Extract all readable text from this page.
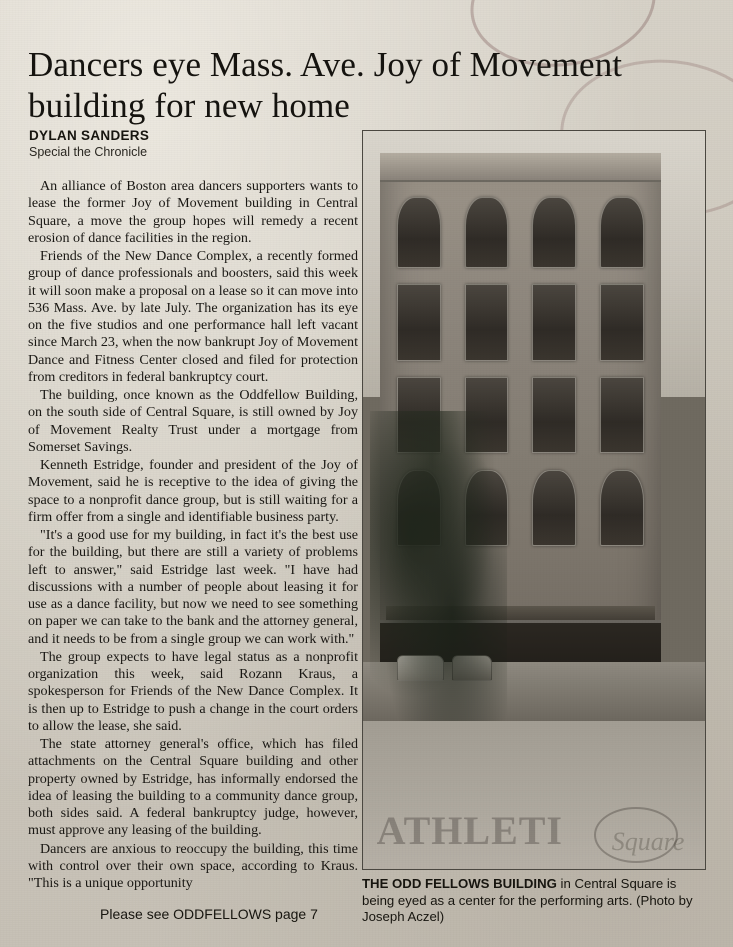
Dancers eye Mass. Ave. Joy of Movement building for new home
DYLAN SANDERS
Special the Chronicle

An alliance of Boston area dancers supporters wants to lease the former Joy of Movement building in Central Square, a move the group hopes will remedy a recent erosion of dance facilities in the region.

Friends of the New Dance Complex, a recently formed group of dance professionals and boosters, said this week it will soon make a proposal on a lease so it can move into 536 Mass. Ave. by late July. The organization has its eye on the five studios and one performance hall left vacant since March 23, when the now bankrupt Joy of Movement Dance and Fitness Center closed and filed for protection from creditors in federal bankruptcy court.

The building, once known as the Oddfellow Building, on the south side of Central Square, is still owned by Joy of Movement Realty Trust under a mortgage from Somerset Savings.

Kenneth Estridge, founder and president of the Joy of Movement, said he is receptive to the idea of giving the space to a nonprofit dance group, but is still waiting for a firm offer from a single and identifiable business party.

"It's a good use for my building, in fact it's the best use for the building, but there are still a variety of problems left to answer," said Estridge last week. "I have had discussions with a number of people about leasing it for use as a dance facility, but now we need to see something on paper we can take to the bank and the attorney general, and it needs to be from a single group we can work with."

The group expects to have legal status as a nonprofit organization this week, said Rozann Kraus, a spokesperson for Friends of the New Dance Complex. It is then up to Estridge to push a change in the court orders to allow the lease, she said.

The state attorney general's office, which has filed attachments on the Central Square building and other property owned by Estridge, has informally endorsed the idea of leasing the building to a community dance group, both sides said. A federal bankruptcy judge, however, must approve any leasing of the building.

Dancers are anxious to reoccupy the building, this time with control over their own space, according to Kraus. "This is a unique opportunity

Please see ODDFELLOWS page 7
ATHLETI Square
THE ODD FELLOWS BUILDING in Central Square is being eyed as a center for the performing arts. (Photo by Joseph Aczel)
